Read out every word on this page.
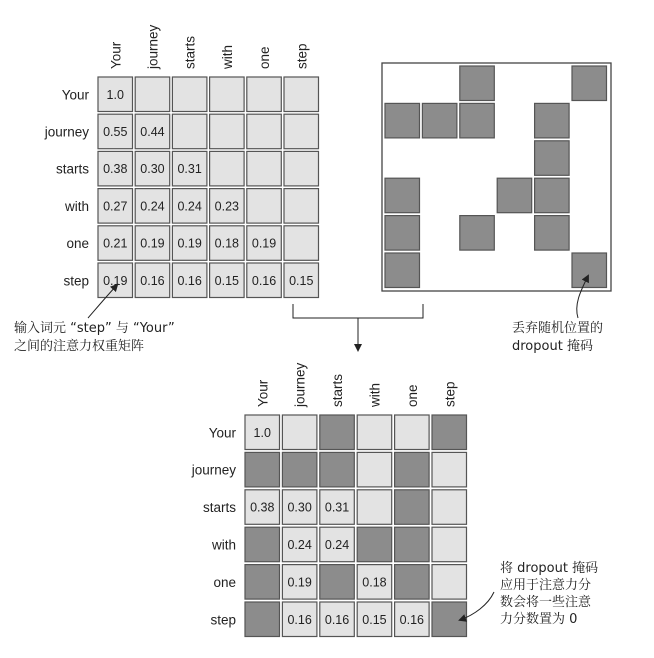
Your journey starts with one step
Your
journey
starts
with
one
step
1.0
0.55 0.44
0.38 0.30 0.31
0.27 0.24 0.24 0.23
0.21 0.19 0.19 0.18 0.19
0.19 0.16 0.16 0.15 0.16 0.15
Your journey starts with one step
Your
journey
starts
with
one
step
1.0
0.38 0.30 0.31
0.24 0.24
0.19	0.18
0.16 0.16 0.15 0.16
输入词元 “step” 与 “Your”
之间的注意力权重矩阵
丢弃随机位置的
dropout 掩码
将 dropout 掩码
应用于注意力分
数会将一些注意
力分数置为 0
